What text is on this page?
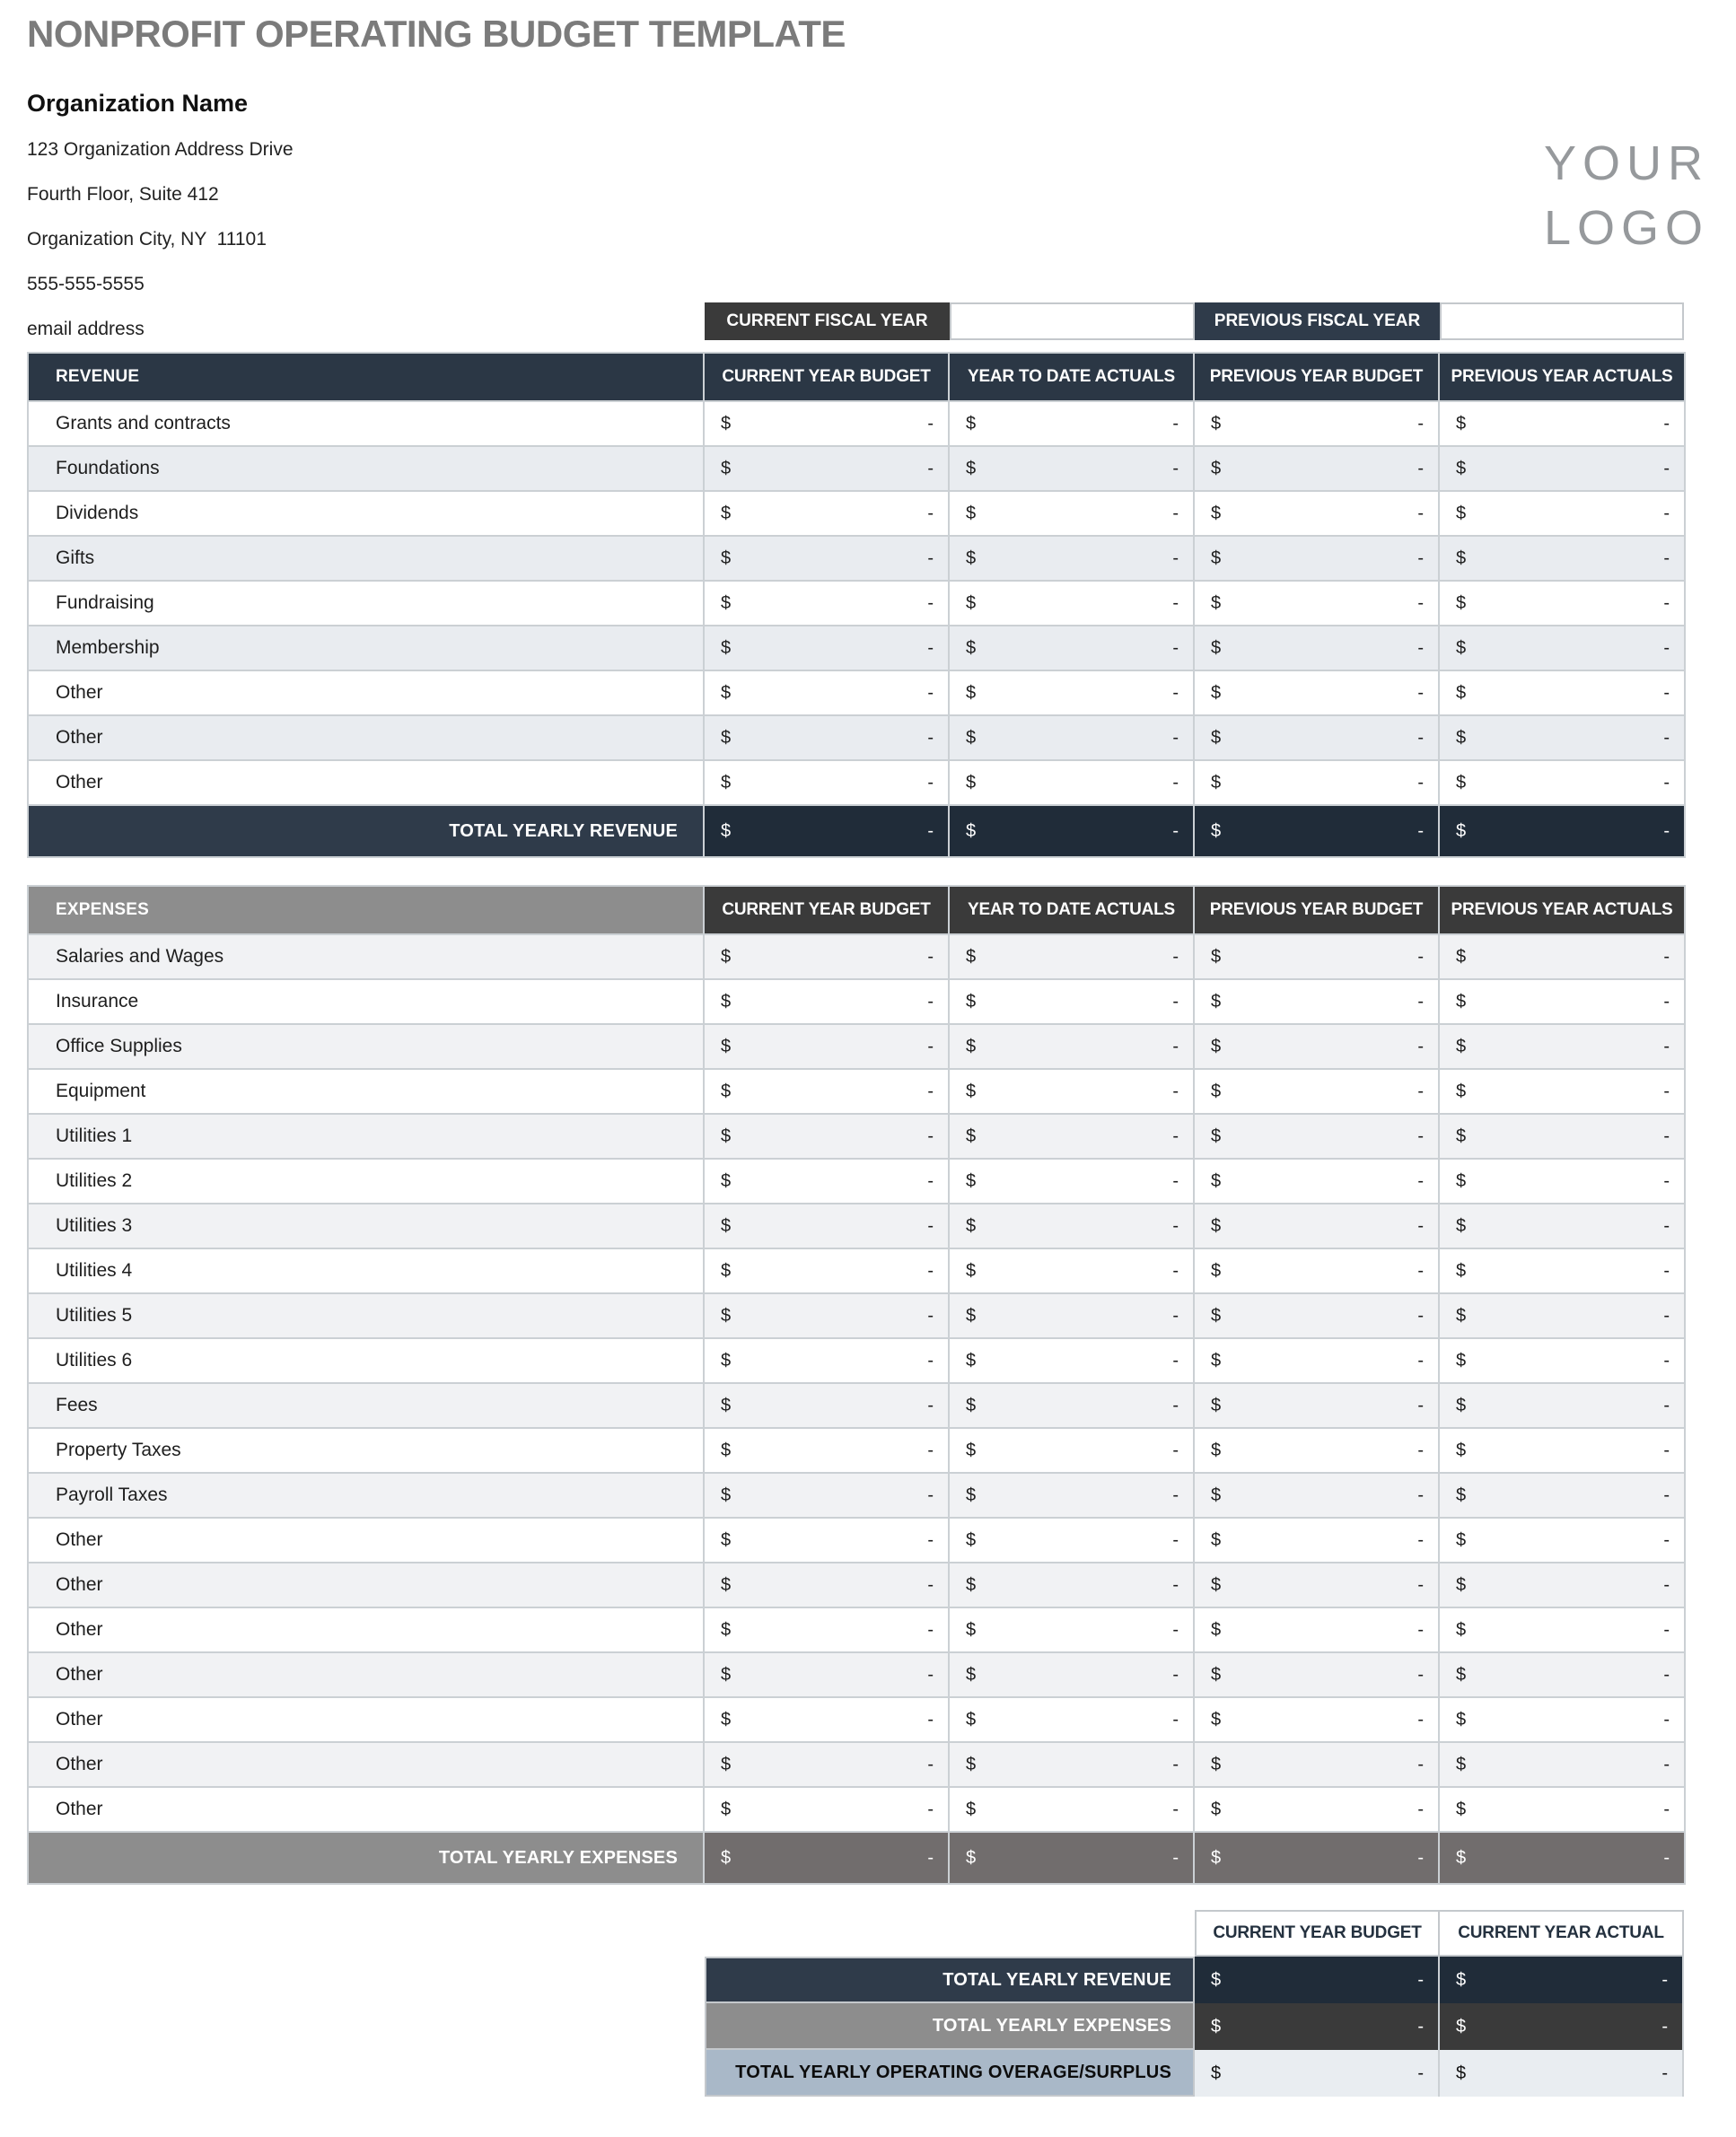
NONPROFIT OPERATING BUDGET TEMPLATE
Organization Name
123 Organization Address Drive
Fourth Floor, Suite 412
Organization City, NY  11101
555-555-5555
email address
YOUR
LOGO
CURRENT FISCAL YEAR	PREVIOUS FISCAL YEAR
REVENUE	CURRENT YEAR BUDGET	YEAR TO DATE ACTUALS	PREVIOUS YEAR BUDGET	PREVIOUS YEAR ACTUALS
Grants and contracts	$	- $	- $	- $	-
Foundations	$	- $	- $	- $	-
Dividends	$	- $	- $	- $	-
Gifts	$	- $	- $	- $	-
Fundraising	$	- $	- $	- $	-
Membership	$	- $	- $	- $	-
Other	$	- $	- $	- $	-
Other	$	- $	- $	- $	-
Other	$	- $	- $	- $	-
TOTAL YEARLY REVENUE	$	- $	- $	- $	-
EXPENSES	CURRENT YEAR BUDGET	YEAR TO DATE ACTUALS	PREVIOUS YEAR BUDGET	PREVIOUS YEAR ACTUALS
Salaries and Wages	$	- $	- $	- $	-
Insurance	$	- $	- $	- $	-
Office Supplies	$	- $	- $	- $	-
Equipment	$	- $	- $	- $	-
Utilities 1	$	- $	- $	- $	-
Utilities 2	$	- $	- $	- $	-
Utilities 3	$	- $	- $	- $	-
Utilities 4	$	- $	- $	- $	-
Utilities 5	$	- $	- $	- $	-
Utilities 6	$	- $	- $	- $	-
Fees	$	- $	- $	- $	-
Property Taxes	$	- $	- $	- $	-
Payroll Taxes	$	- $	- $	- $	-
Other	$	- $	- $	- $	-
Other	$	- $	- $	- $	-
Other	$	- $	- $	- $	-
Other	$	- $	- $	- $	-
Other	$	- $	- $	- $	-
Other	$	- $	- $	- $	-
Other	$	- $	- $	- $	-
TOTAL YEARLY EXPENSES	$	- $	- $	- $	-
CURRENT YEAR BUDGET	CURRENT YEAR ACTUAL
TOTAL YEARLY REVENUE	$	- $	-
TOTAL YEARLY EXPENSES	$	- $	-
TOTAL YEARLY OPERATING OVERAGE/SURPLUS	$	- $	-
